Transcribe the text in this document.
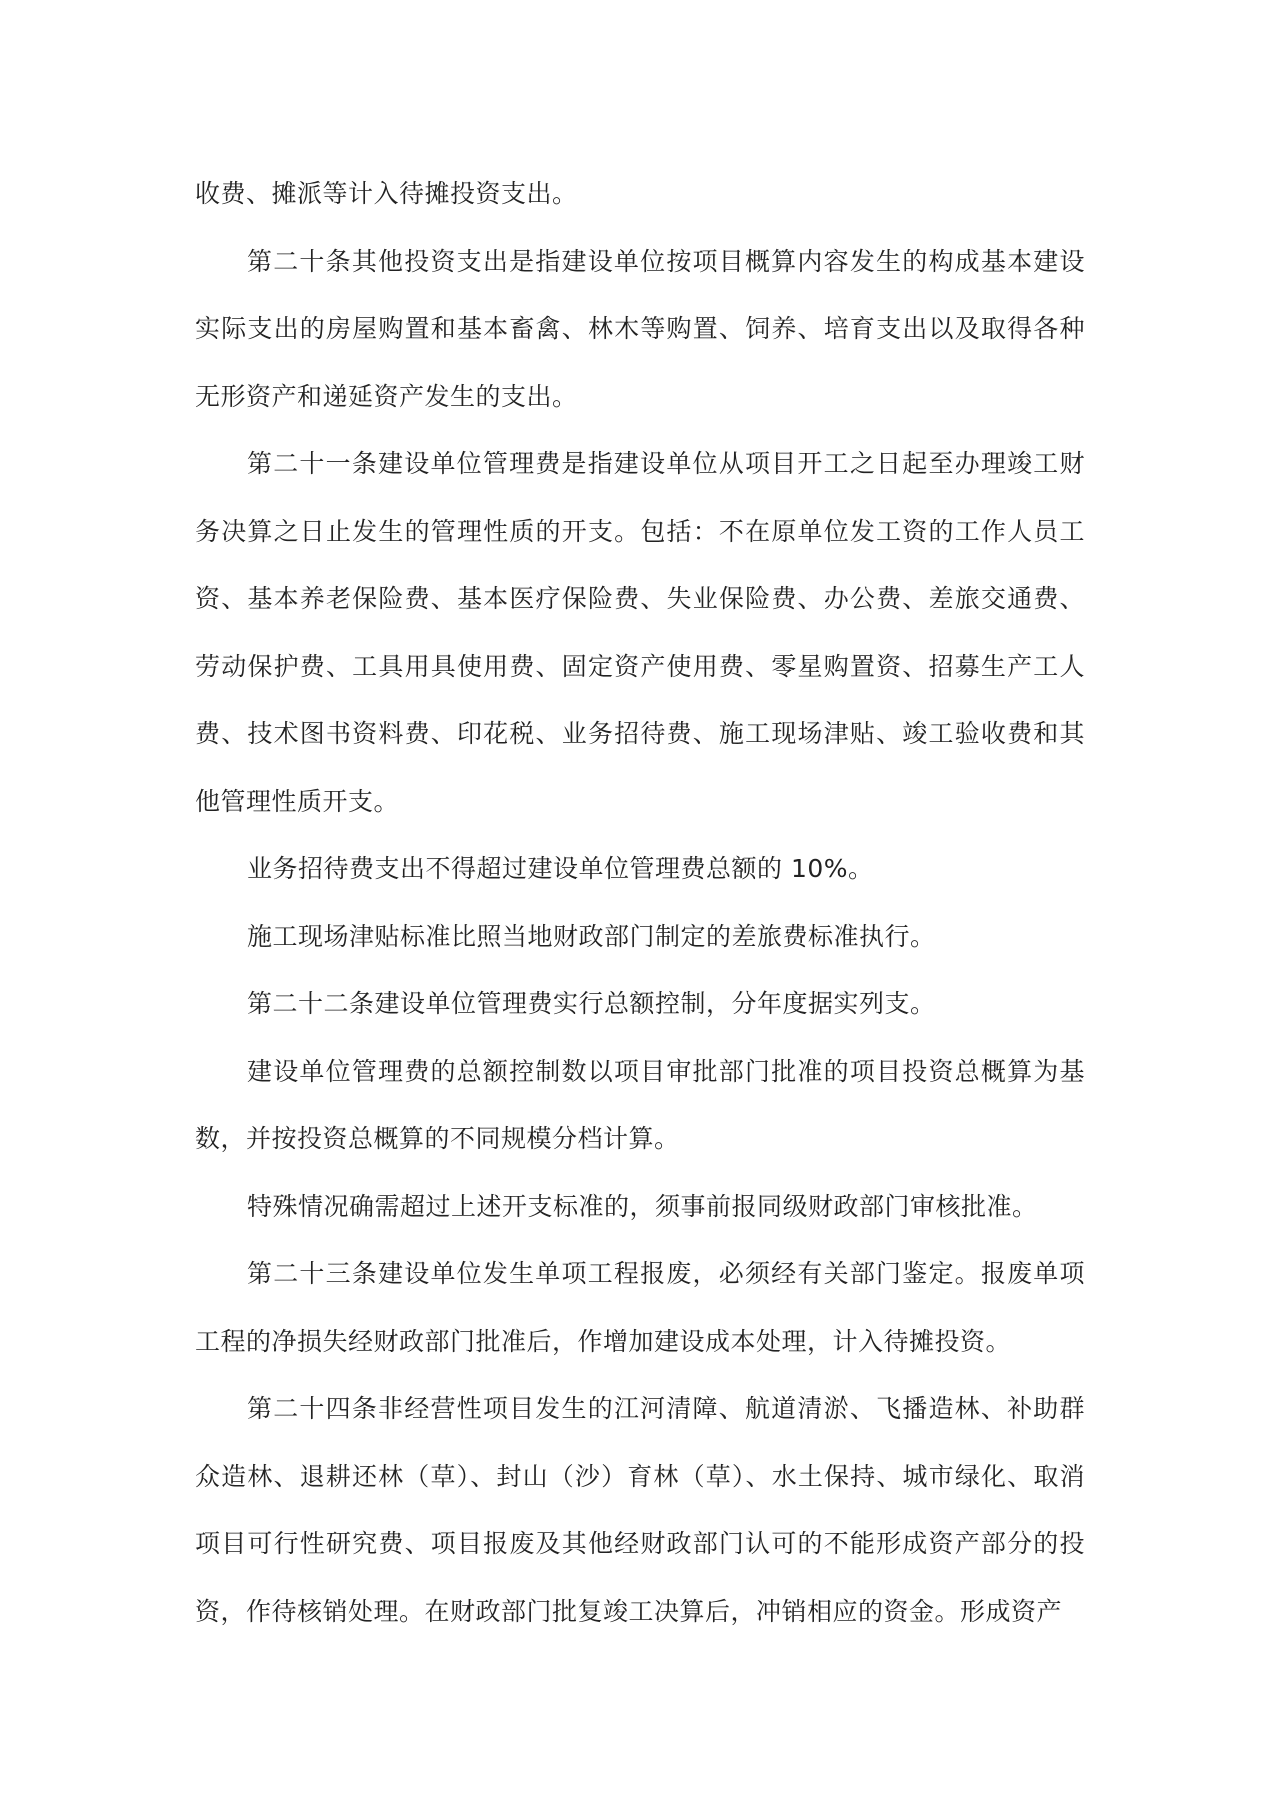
收费、摊派等计入待摊投资支出。

第二十条其他投资支出是指建设单位按项目概算内容发生的构成基本建设实际支出的房屋购置和基本畜禽、林木等购置、饲养、培育支出以及取得各种无形资产和递延资产发生的支出。

第二十一条建设单位管理费是指建设单位从项目开工之日起至办理竣工财务决算之日止发生的管理性质的开支。包括：不在原单位发工资的工作人员工资、基本养老保险费、基本医疗保险费、失业保险费、办公费、差旅交通费、劳动保护费、工具用具使用费、固定资产使用费、零星购置资、招募生产工人费、技术图书资料费、印花税、业务招待费、施工现场津贴、竣工验收费和其他管理性质开支。

业务招待费支出不得超过建设单位管理费总额的 10%。

施工现场津贴标准比照当地财政部门制定的差旅费标准执行。

第二十二条建设单位管理费实行总额控制，分年度据实列支。

建设单位管理费的总额控制数以项目审批部门批准的项目投资总概算为基数，并按投资总概算的不同规模分档计算。

特殊情况确需超过上述开支标准的，须事前报同级财政部门审核批准。

第二十三条建设单位发生单项工程报废，必须经有关部门鉴定。报废单项工程的净损失经财政部门批准后，作增加建设成本处理，计入待摊投资。

第二十四条非经营性项目发生的江河清障、航道清淤、飞播造林、补助群众造林、退耕还林（草）、封山（沙）育林（草）、水土保持、城市绿化、取消项目可行性研究费、项目报废及其他经财政部门认可的不能形成资产部分的投资，作待核销处理。在财政部门批复竣工决算后，冲销相应的资金。形成资产
